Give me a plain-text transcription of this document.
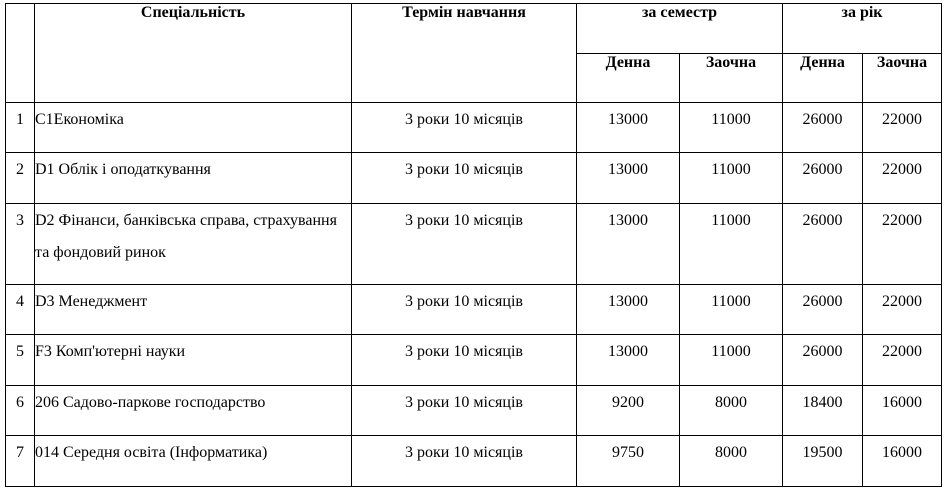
	Спеціальність	Термін навчання	за семестр		за рік	
			Денна	Заочна	Денна	Заочна
1	C1Економіка	3 роки 10 місяців	13000	11000	26000	22000
2	D1 Облік і оподаткування	3 роки 10 місяців	13000	11000	26000	22000
3	D2 Фінанси, банківська справа, страхування та фондовий ринок	3 роки 10 місяців	13000	11000	26000	22000
4	D3 Менеджмент	3 роки 10 місяців	13000	11000	26000	22000
5	F3 Комп'ютерні науки	3 роки 10 місяців	13000	11000	26000	22000
6	206 Садово-паркове господарство	3 роки 10 місяців	9200	8000	18400	16000
7	014 Середня освіта (Інформатика)	3 роки 10 місяців	9750	8000	19500	16000
